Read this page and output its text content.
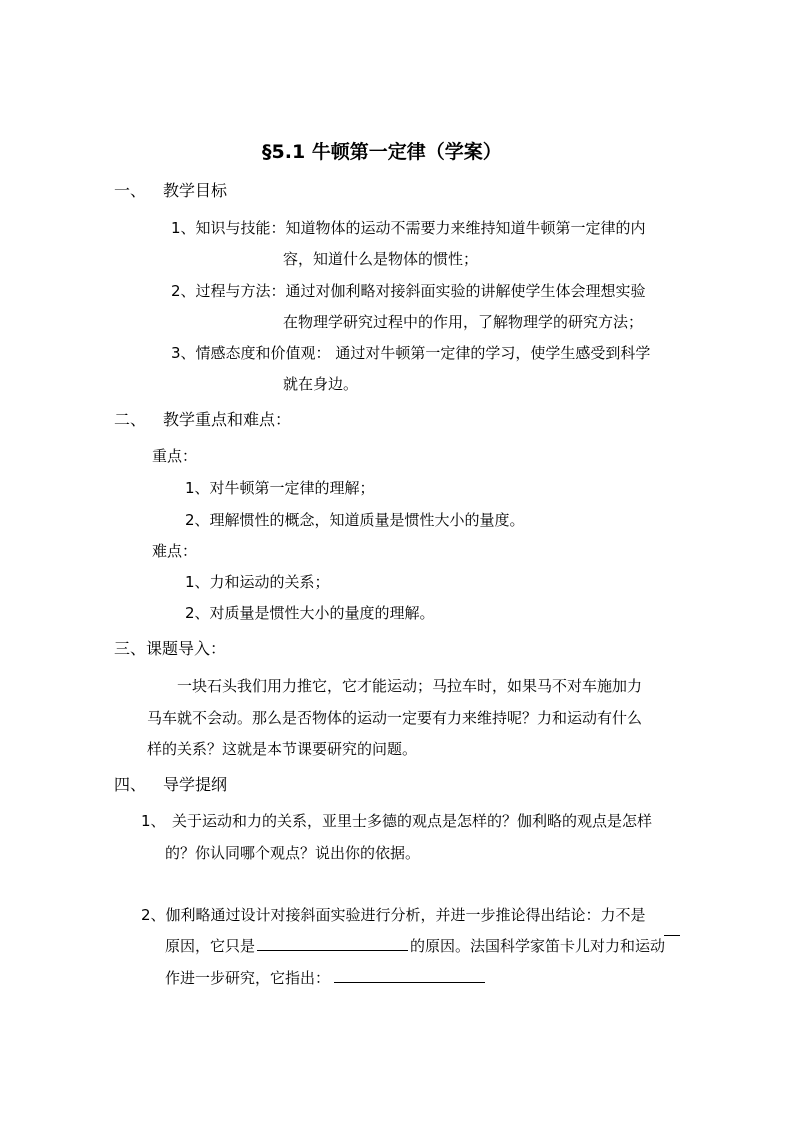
§5.1 牛顿第一定律（学案）
一、 教学目标
1、知识与技能：知道物体的运动不需要力来维持知道牛顿第一定律的内
容，知道什么是物体的惯性；
2、过程与方法：通过对伽利略对接斜面实验的讲解使学生体会理想实验
在物理学研究过程中的作用，了解物理学的研究方法；
3、情感态度和价值观： 通过对牛顿第一定律的学习，使学生感受到科学
就在身边。
二、 教学重点和难点：
重点：
1、对牛顿第一定律的理解；
2、理解惯性的概念，知道质量是惯性大小的量度。
难点：
1、力和运动的关系；
2、对质量是惯性大小的量度的理解。
三、课题导入：
一块石头我们用力推它，它才能运动；马拉车时，如果马不对车施加力
马车就不会动。那么是否物体的运动一定要有力来维持呢？力和运动有什么
样的关系？这就是本节课要研究的问题。
四、 导学提纲
1、 关于运动和力的关系，亚里士多德的观点是怎样的？伽利略的观点是怎样
的？你认同哪个观点？说出你的依据。
2、伽利略通过设计对接斜面实验进行分析，并进一步推论得出结论：力不是
原因，它只是	的原因。法国科学家笛卡儿对力和运动
作进一步研究，它指出：
